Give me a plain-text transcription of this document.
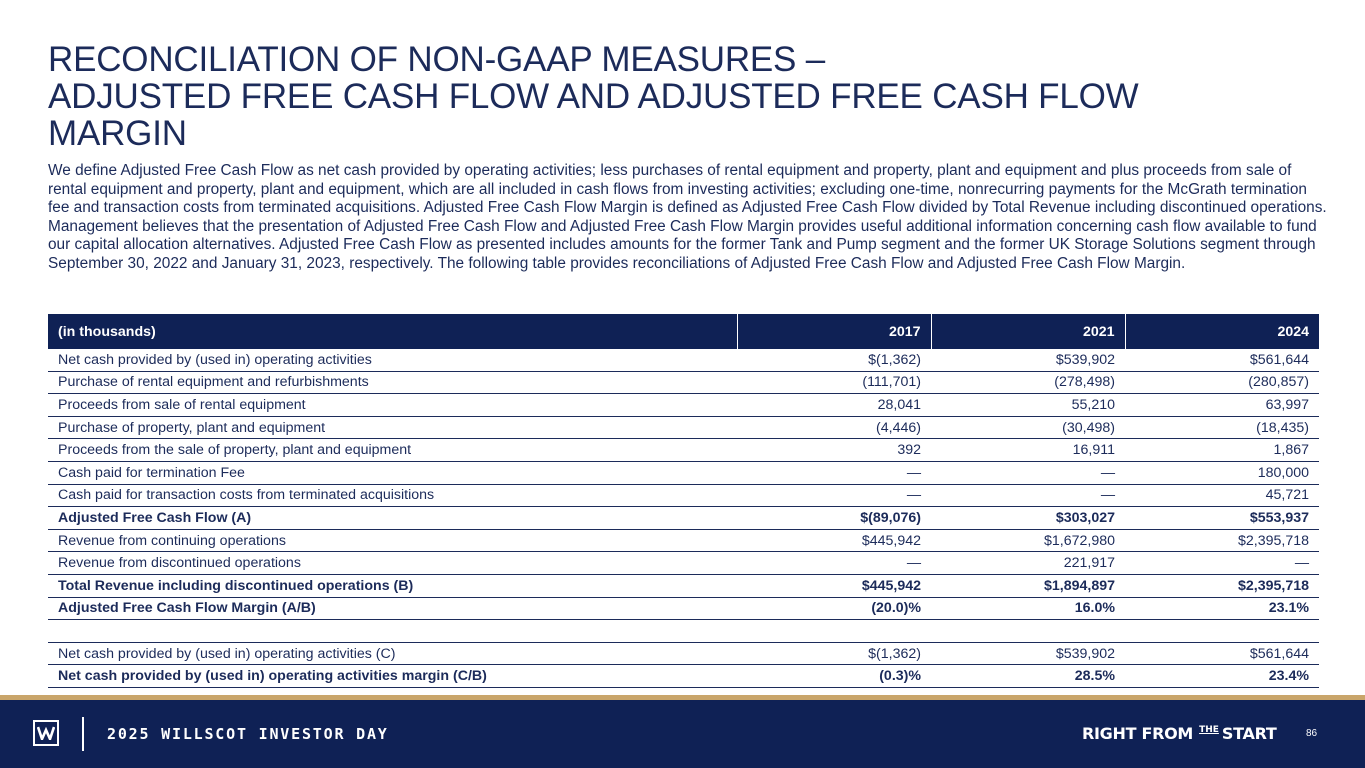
RECONCILIATION OF NON-GAAP MEASURES –
ADJUSTED FREE CASH FLOW AND ADJUSTED FREE CASH FLOW
MARGIN
We define Adjusted Free Cash Flow as net cash provided by operating activities; less purchases of rental equipment and property, plant and equipment and plus proceeds from sale of rental equipment and property, plant and equipment, which are all included in cash flows from investing activities; excluding one-time, nonrecurring payments for the McGrath termination fee and transaction costs from terminated acquisitions. Adjusted Free Cash Flow Margin is defined as Adjusted Free Cash Flow divided by Total Revenue including discontinued operations. Management believes that the presentation of Adjusted Free Cash Flow and Adjusted Free Cash Flow Margin provides useful additional information concerning cash flow available to fund our capital allocation alternatives. Adjusted Free Cash Flow as presented includes amounts for the former Tank and Pump segment and the former UK Storage Solutions segment through September 30, 2022 and January 31, 2023, respectively. The following table provides reconciliations of Adjusted Free Cash Flow and Adjusted Free Cash Flow Margin.
(in thousands)	2017	2021	2024
Net cash provided by (used in) operating activities	$(1,362)	$539,902	$561,644
Purchase of rental equipment and refurbishments	(111,701)	(278,498)	(280,857)
Proceeds from sale of rental equipment	28,041	55,210	63,997
Purchase of property, plant and equipment	(4,446)	(30,498)	(18,435)
Proceeds from the sale of property, plant and equipment	392	16,911	1,867
Cash paid for termination Fee	—	—	180,000
Cash paid for transaction costs from terminated acquisitions	—	—	45,721
Adjusted Free Cash Flow (A)	$(89,076)	$303,027	$553,937
Revenue from continuing operations	$445,942	$1,672,980	$2,395,718
Revenue from discontinued operations	—	221,917	—
Total Revenue including discontinued operations (B)	$445,942	$1,894,897	$2,395,718
Adjusted Free Cash Flow Margin (A/B)	(20.0)%	16.0%	23.1%

Net cash provided by (used in) operating activities (C)	$(1,362)	$539,902	$561,644
Net cash provided by (used in) operating activities margin (C/B)	(0.3)%	28.5%	23.4%
2025 WILLSCOT INVESTOR DAY	RIGHT FROM THE START	86
